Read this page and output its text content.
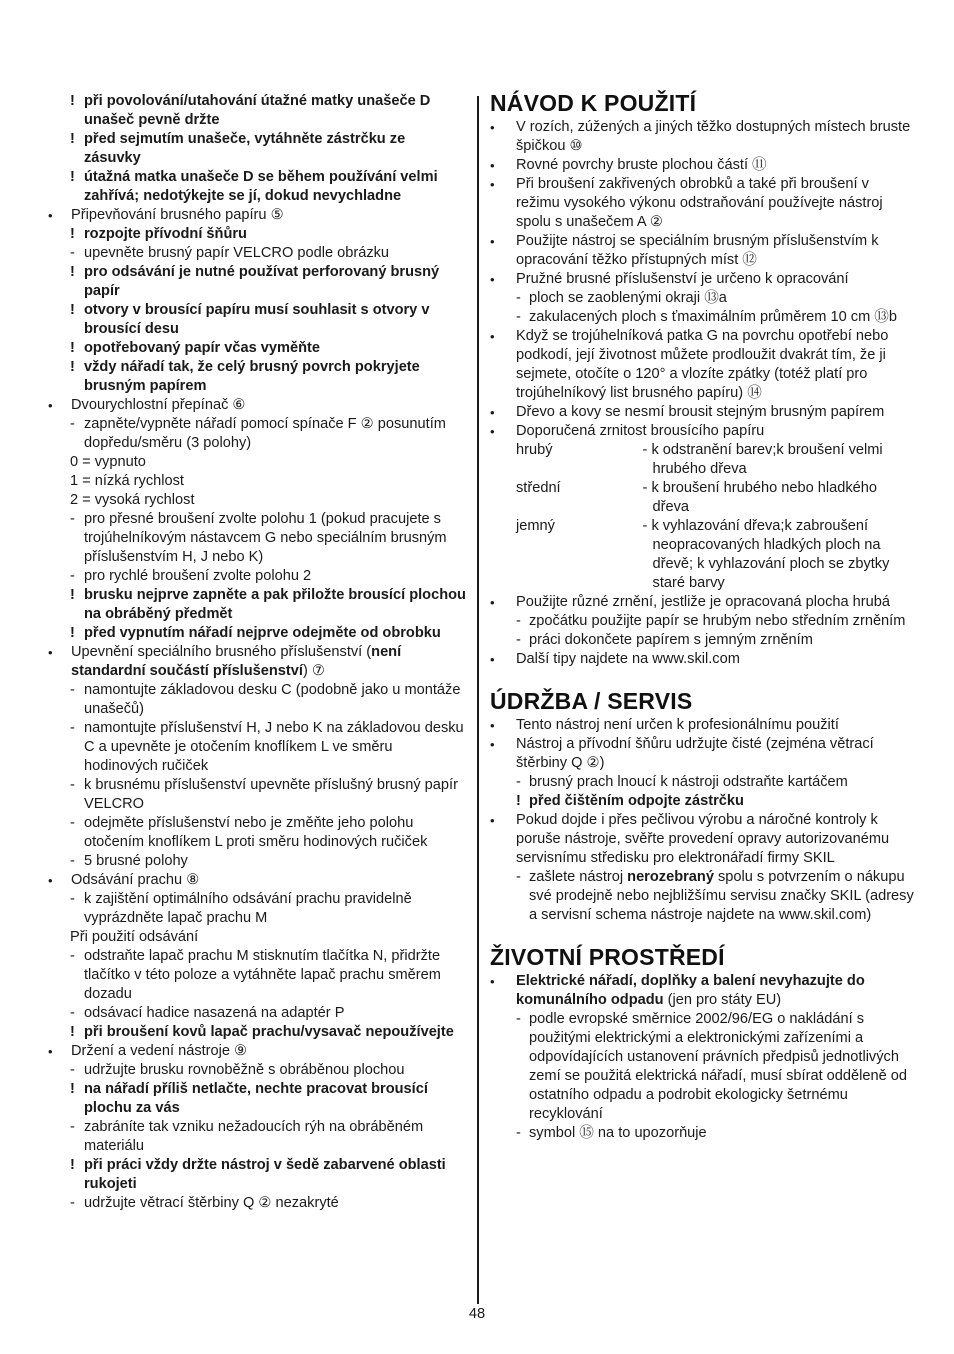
! při povolování/utahování útažné matky unašeče D unašeč pevně držte
! před sejmutím unašeče, vytáhněte zástrčku ze zásuvky
! útažná matka unašeče D se během používání velmi zahřívá; nedotýkejte se jí, dokud nevychladne
• Připevňování brusného papíru ⑤
! rozpojte přívodní šňůru
- upevněte brusný papír VELCRO podle obrázku
! pro odsávání je nutné používat perforovaný brusný papír
! otvory v brousící papíru musí souhlasit s otvory v brousící desu
! opotřebovaný papír včas vyměňte
! vždy nářadí tak, že celý brusný povrch pokryjete brusným papírem
• Dvourychlostní přepínač ⑥
- zapněte/vypněte nářadí pomocí spínače F ② posunutím dopředu/směru (3 polohy)
0 = vypnuto
1 = nízká rychlost
2 = vysoká rychlost
- pro přesné broušení zvolte polohu 1 (pokud pracujete s trojúhelníkovým nástavcem G nebo speciálním brusným příslušenstvím H, J nebo K)
- pro rychlé broušení zvolte polohu 2
! brusku nejprve zapněte a pak přiložte brousící plochou na obráběný předmět
! před vypnutím nářadí nejprve odejměte od obrobku
• Upevnění speciálního brusného příslušenství (není standardní součástí příslušenství) ⑦
- namontujte základovou desku C (podobně jako u montáže unašečů)
- namontujte příslušenství H, J nebo K na základovou desku C a upevněte je otočením knoflíkem L ve směru hodinových ručiček
- k brusnému příslušenství upevněte příslušný brusný papír VELCRO
- odejměte příslušenství nebo je změňte jeho polohu otočením knoflíkem L proti směru hodinových ručiček
- 5 brusné polohy
• Odsávání prachu ⑧
- k zajištění optimálního odsávání prachu pravidelně vyprázdněte lapač prachu M
Při použití odsávání
- odstraňte lapač prachu M stisknutím tlačítka N, přidržte tlačítko v této poloze a vytáhněte lapač prachu směrem dozadu
- odsávací hadice nasazená na adaptér P
! při broušení kovů lapač prachu/vysavač nepoužívejte
• Držení a vedení nástroje ⑨
- udržujte brusku rovnoběžně s obráběnou plochou
! na nářadí příliš netlačte, nechte pracovat brousící plochu za vás
- zabráníte tak vzniku nežadoucích rýh na obráběném materiálu
! při práci vždy držte nástroj v šedě zabarvené oblasti rukojeti
- udržujte větrací štěrbiny Q ② nezakryté
NÁVOD K POUŽITÍ
• V rozích, zúžených a jiných těžko dostupných místech bruste špičkou ⑩
• Rovné povrchy bruste plochou částí ⑪
• Při broušení zakřivených obrobků a také při broušení v režimu vysokého výkonu odstraňování používejte nástroj spolu s unašečem A ②
• Použijte nástroj se speciálním brusným příslušenstvím k opracování těžko přístupných míst ⑫
• Pružné brusné příslušenství je určeno k opracování
- ploch se zaoblenými okraji ⑬a
- zakulacených ploch s ťmaximálním průměrem 10 cm ⑬b
• Když se trojúhelníková patka G na povrchu opotřebí nebo podkodí, její životnost můžete prodloužit dvakrát tím, že ji sejmete, otočíte o 120° a vlozíte zpátky (totéž platí pro trojúhelníkový list brusného papíru) ⑭
• Dřevo a kovy se nesmí brousit stejným brusným papírem
• Doporučená zrnitost brousícího papíru
hrubý	- k odstranění barev;k broušení velmi hrubého dřeva
střední	- k broušení hrubého nebo hladkého dřeva
jemný	- k vyhlazování dřeva;k zabroušení neopracovaných hladkých ploch na dřevě; k vyhlazování ploch se zbytky staré barvy
• Použijte různé zrnění, jestliže je opracovaná plocha hrubá
- zpočátku použijte papír se hrubým nebo středním zrněním
- práci dokončete papírem s jemným zrněním
• Další tipy najdete na www.skil.com
ÚDRŽBA / SERVIS
• Tento nástroj není určen k profesionálnímu použití
• Nástroj a přívodní šňůru udržujte čisté (zejména větrací štěrbiny Q ②)
- brusný prach lnoucí k nástroji odstraňte kartáčem
! před čištěním odpojte zástrčku
• Pokud dojde i přes pečlivou výrobu a náročné kontroly k poruše nástroje, svěřte provedení opravy autorizovanému servisnímu středisku pro elektronářadí firmy SKIL
- zašlete nástroj nerozebraný spolu s potvrzením o nákupu své prodejně nebo nejbližšímu servisu značky SKIL (adresy a servisní schema nástroje najdete na www.skil.com)
ŽIVOTNÍ PROSTŘEDÍ
• Elektrické nářadí, doplňky a balení nevyhazujte do komunálního odpadu (jen pro státy EU)
- podle evropské směrnice 2002/96/EG o nakládání s použitými elektrickými a elektronickými zařízeními a odpovídajících ustanovení právních předpisů jednotlivých zemí se použitá elektrická nářadí, musí sbírat odděleně od ostatního odpadu a podrobit ekologicky šetrnému recyklování
- symbol ⑮ na to upozorňuje
48
